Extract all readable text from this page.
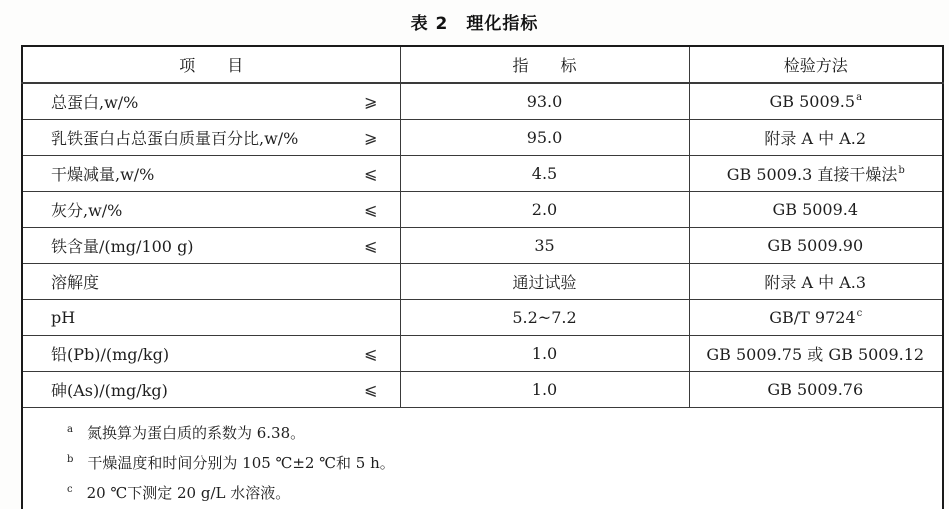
表 2　理化指标
项　　目	指　　标	检验方法

总蛋白,w/% ⩾	93.0	GB 5009.5$^a$

乳铁蛋白占总蛋白质量百分比,w/% ⩾	95.0	附录 A 中 A.2

干燥减量,w/% ⩽	4.5	GB 5009.3 直接干燥法$^b$

灰分,w/% ⩽	2.0	GB 5009.4

铁含量/(mg/100 g) ⩽	35	GB 5009.90

溶解度	通过试验	附录 A 中 A.3

pH	5.2~7.2	GB/T 9724$^c$

铅(Pb)/(mg/kg) ⩽	1.0	GB 5009.75 或 GB 5009.12

砷(As)/(mg/kg) ⩽	1.0	GB 5009.76

$^a$ 氮换算为蛋白质的系数为 6.38。
$^b$ 干燥温度和时间分别为 105 ℃±2 ℃和 5 h。
$^c$ 20 ℃下测定 20 g/L 水溶液。		
